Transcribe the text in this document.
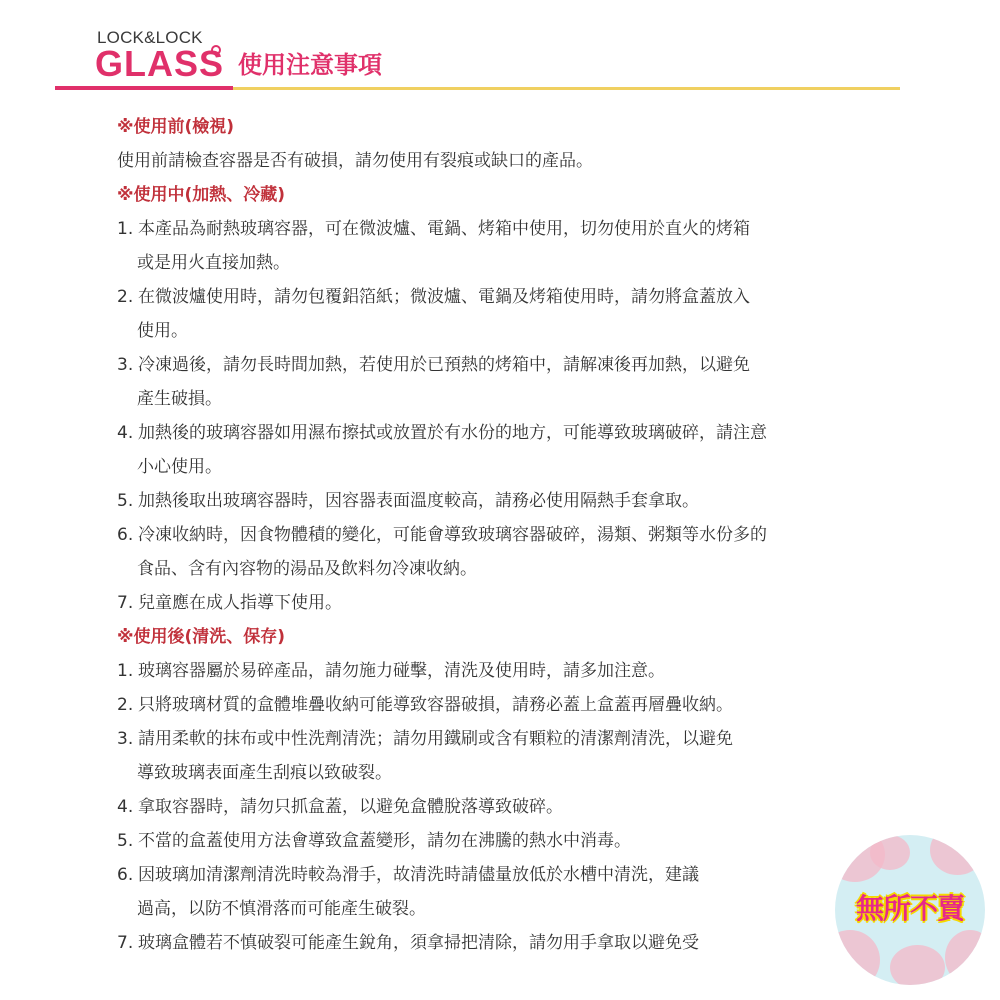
LOCK&LOCK
GLASS 使用注意事項
※使用前(檢視)
使用前請檢查容器是否有破損，請勿使用有裂痕或缺口的產品。
※使用中(加熱、冷藏)
1. 本產品為耐熱玻璃容器，可在微波爐、電鍋、烤箱中使用，切勿使用於直火的烤箱
或是用火直接加熱。
2. 在微波爐使用時，請勿包覆鋁箔紙；微波爐、電鍋及烤箱使用時，請勿將盒蓋放入
使用。
3. 冷凍過後，請勿長時間加熱，若使用於已預熱的烤箱中，請解凍後再加熱，以避免
產生破損。
4. 加熱後的玻璃容器如用濕布擦拭或放置於有水份的地方，可能導致玻璃破碎，請注意
小心使用。
5. 加熱後取出玻璃容器時，因容器表面溫度較高，請務必使用隔熱手套拿取。
6. 冷凍收納時，因食物體積的變化，可能會導致玻璃容器破碎，湯類、粥類等水份多的
食品、含有內容物的湯品及飲料勿冷凍收納。
7. 兒童應在成人指導下使用。
※使用後(清洗、保存)
1. 玻璃容器屬於易碎產品，請勿施力碰擊，清洗及使用時，請多加注意。
2. 只將玻璃材質的盒體堆疊收納可能導致容器破損，請務必蓋上盒蓋再層疊收納。
3. 請用柔軟的抹布或中性洗劑清洗；請勿用鐵刷或含有顆粒的清潔劑清洗，以避免
導致玻璃表面產生刮痕以致破裂。
4. 拿取容器時，請勿只抓盒蓋，以避免盒體脫落導致破碎。
5. 不當的盒蓋使用方法會導致盒蓋變形，請勿在沸騰的熱水中消毒。
6. 因玻璃加清潔劑清洗時較為滑手，故清洗時請儘量放低於水槽中清洗，建議
過高，以防不慎滑落而可能產生破裂。
7. 玻璃盒體若不慎破裂可能產生銳角，須拿掃把清除，請勿用手拿取以避免受
無所不賣
